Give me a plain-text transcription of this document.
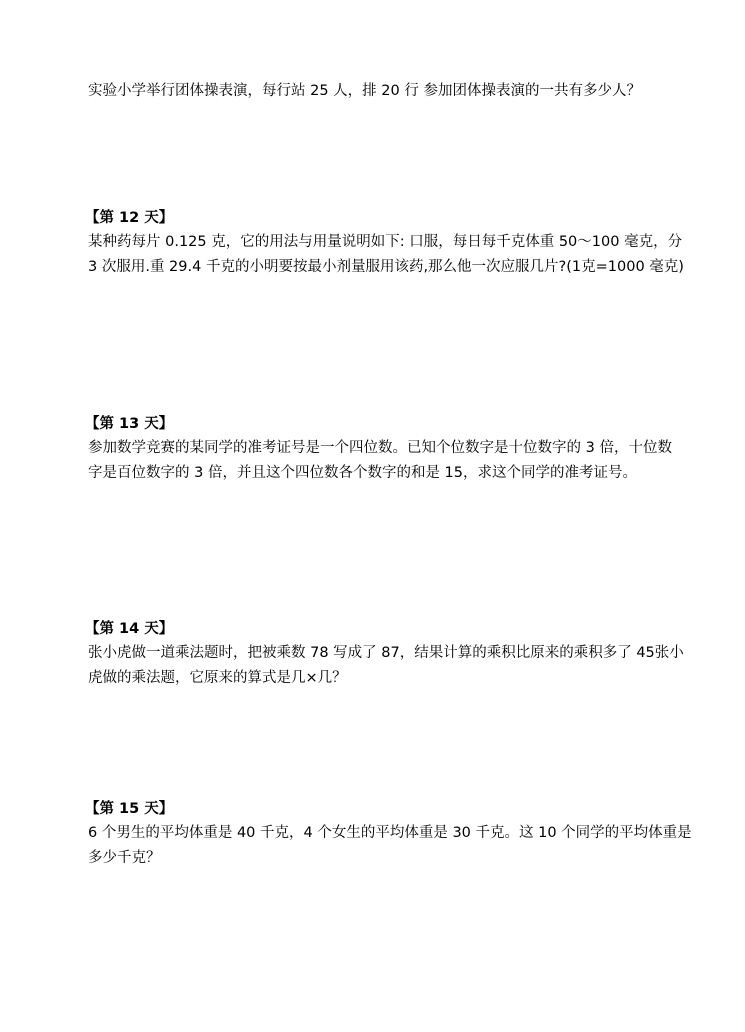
实验小学举行团体操表演，每行站 25 人，排 20 行 参加团体操表演的一共有多少人？
【第 12 天】
某种药每片 0.125 克，它的用法与用量说明如下: 口服，每日每千克体重 50～100 毫克，分
3 次服用.重 29.4 千克的小明要按最小剂量服用该药,那么他一次应服几片?(1克=1000 毫克)
【第 13 天】
参加数学竞赛的某同学的准考证号是一个四位数。已知个位数字是十位数字的 3 倍，十位数
字是百位数字的 3 倍，并且这个四位数各个数字的和是 15，求这个同学的准考证号。
【第 14 天】
张小虎做一道乘法题时，把被乘数 78 写成了 87，结果计算的乘积比原来的乘积多了 45张小
虎做的乘法题，它原来的算式是几×几？
【第 15 天】
6 个男生的平均体重是 40 千克，4 个女生的平均体重是 30 千克。这 10 个同学的平均体重是
多少千克？
